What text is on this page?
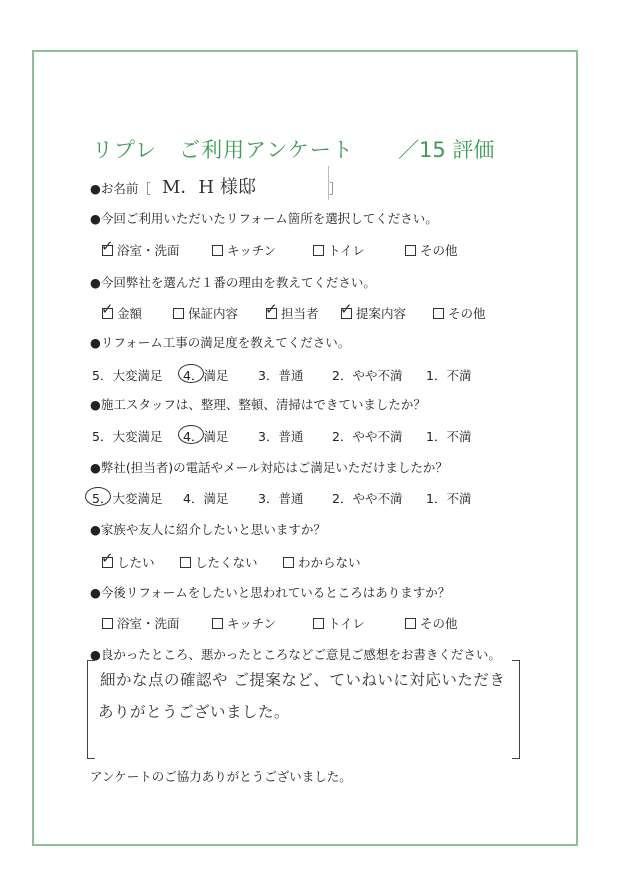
リプレ　ご利用アンケート ／15 評価
●お名前［ M．H 様邸	］
●今回ご利用いただいたリフォーム箇所を選択してください。
✓ 浴室・洗面	キッチン	トイレ	その他
●今回弊社を選んだ１番の理由を教えてください。
✓ 金額	保証内容 ✓ 担当者 ✓ 提案内容	その他
●リフォーム工事の満足度を教えてください。
5．大変満足 4．満足 3．普通 2．やや不満 1．不満
●施工スタッフは、整理、整頓、清掃はできていましたか？
5．大変満足 4．満足 3．普通 2．やや不満 1．不満
●弊社(担当者)の電話やメール対応はご満足いただけましたか？
5．大変満足 4．満足 3．普通 2．やや不満 1．不満
●家族や友人に紹介したいと思いますか？
✓ したい	したくない	わからない
●今後リフォームをしたいと思われているところはありますか？
浴室・洗面	キッチン	トイレ	その他
●良かったところ、悪かったところなどご意見ご感想をお書きください。
細かな点の確認や ご提案など、ていねいに対応いただき
ありがとうございました。
アンケートのご協力ありがとうございました。
